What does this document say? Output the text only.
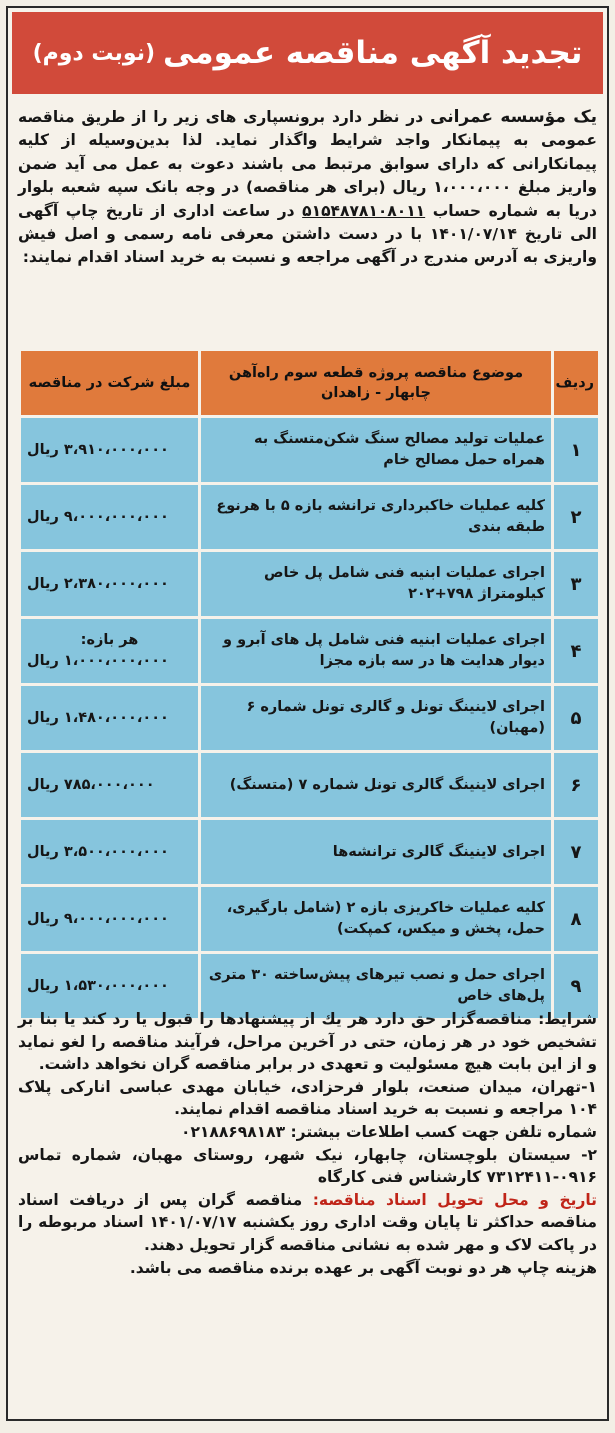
تجدید آگهی مناقصه عمومی
(نوبت دوم)
یک مؤسسه عمرانی در نظر دارد برونسپاری های زیر را از طریق مناقصه عمومی به پیمانکار واجد شرایط واگذار نماید. لذا بدین‌وسیله از کلیه پیمانکارانی که دارای سوابق مرتبط می باشند دعوت به عمل می آید ضمن واریز مبلغ ۱،۰۰۰،۰۰۰ ریال (برای هر مناقصه) در وجه بانک سپه شعبه بلوار دریا به شماره حساب ۵۱۵۴۸۷۸۱۰۸۰۱۱ در ساعت اداری از تاریخ چاپ آگهی الی تاریخ ۱۴۰۱/۰۷/۱۴ با در دست داشتن معرفی نامه رسمی و اصل فیش واریزی به آدرس مندرج در آگهی مراجعه و نسبت به خرید اسناد اقدام نمایند:
ردیف	موضوع مناقصه پروژه قطعه سوم راه‌آهن چابهار - زاهدان	مبلغ شرکت در مناقصه
۱	عملیات تولید مصالح سنگ شکن‌متسنگ به همراه حمل مصالح خام	۳،۹۱۰،۰۰۰،۰۰۰ ریال
۲	کلیه عملیات خاکبرداری ترانشه بازه ۵ با هرنوع طبقه بندی	۹،۰۰۰،۰۰۰،۰۰۰ ریال
۳	اجرای عملیات ابنیه فنی شامل پل خاص کیلومتراژ ۷۹۸+۲۰۲	۲،۳۸۰،۰۰۰،۰۰۰ ریال
۴	اجرای عملیات ابنیه فنی شامل پل های آبرو و دیوار هدایت ها در سه بازه مجزا	هر بازه:
۱،۰۰۰،۰۰۰،۰۰۰ ریال
۵	اجرای لاینینگ تونل و گالری تونل شماره ۶ (مهبان)	۱،۴۸۰،۰۰۰،۰۰۰ ریال
۶	اجرای لاینینگ گالری تونل شماره ۷ (متسنگ)	۷۸۵،۰۰۰،۰۰۰ ریال
۷	اجرای لاینینگ گالری ترانشه‌ها	۳،۵۰۰،۰۰۰،۰۰۰ ریال
۸	کلیه عملیات خاکریزی بازه ۲ (شامل بارگیری، حمل، پخش و میکس، کمپکت)	۹،۰۰۰،۰۰۰،۰۰۰ ریال
۹	اجرای حمل و نصب تیرهای پیش‌ساخته ۳۰ متری پل‌های خاص	۱،۵۳۰،۰۰۰،۰۰۰ ریال

شرایط: مناقصه‌گزار حق دارد هر یك از پیشنهادها را قبول یا رد كند یا بنا بر تشخیص خود در هر زمان، حتی در آخرین مراحل، فرآیند مناقصه را لغو نماید و از این بابت هیچ مسئولیت و تعهدی در برابر مناقصه گران نخواهد داشت.

۱-تهران، میدان صنعت، بلوار فرحزادی، خیابان مهدی عباسی انارکی پلاک ۱۰۴ مراجعه و نسبت به خرید اسناد مناقصه اقدام نمایند.

شماره تلفن جهت کسب اطلاعات بیشتر: ۰۲۱۸۸۶۹۸۱۸۳

۲- سیستان بلوچستان، چابهار، نیک شهر، روستای مهبان، شماره تماس ۰۹۱۶-۷۳۱۲۴۱۱ کارشناس فنی کارگاه

تاریخ و محل تحویل اسناد مناقصه: مناقصه گران پس از دریافت اسناد مناقصه حداکثر تا پایان وقت اداری روز یکشنبه ۱۴۰۱/۰۷/۱۷ اسناد مربوطه را در پاکت لاک و مهر شده به نشانی مناقصه گزار تحویل دهند.

هزینه چاپ هر دو نوبت آگهی بر عهده برنده مناقصه می باشد.
